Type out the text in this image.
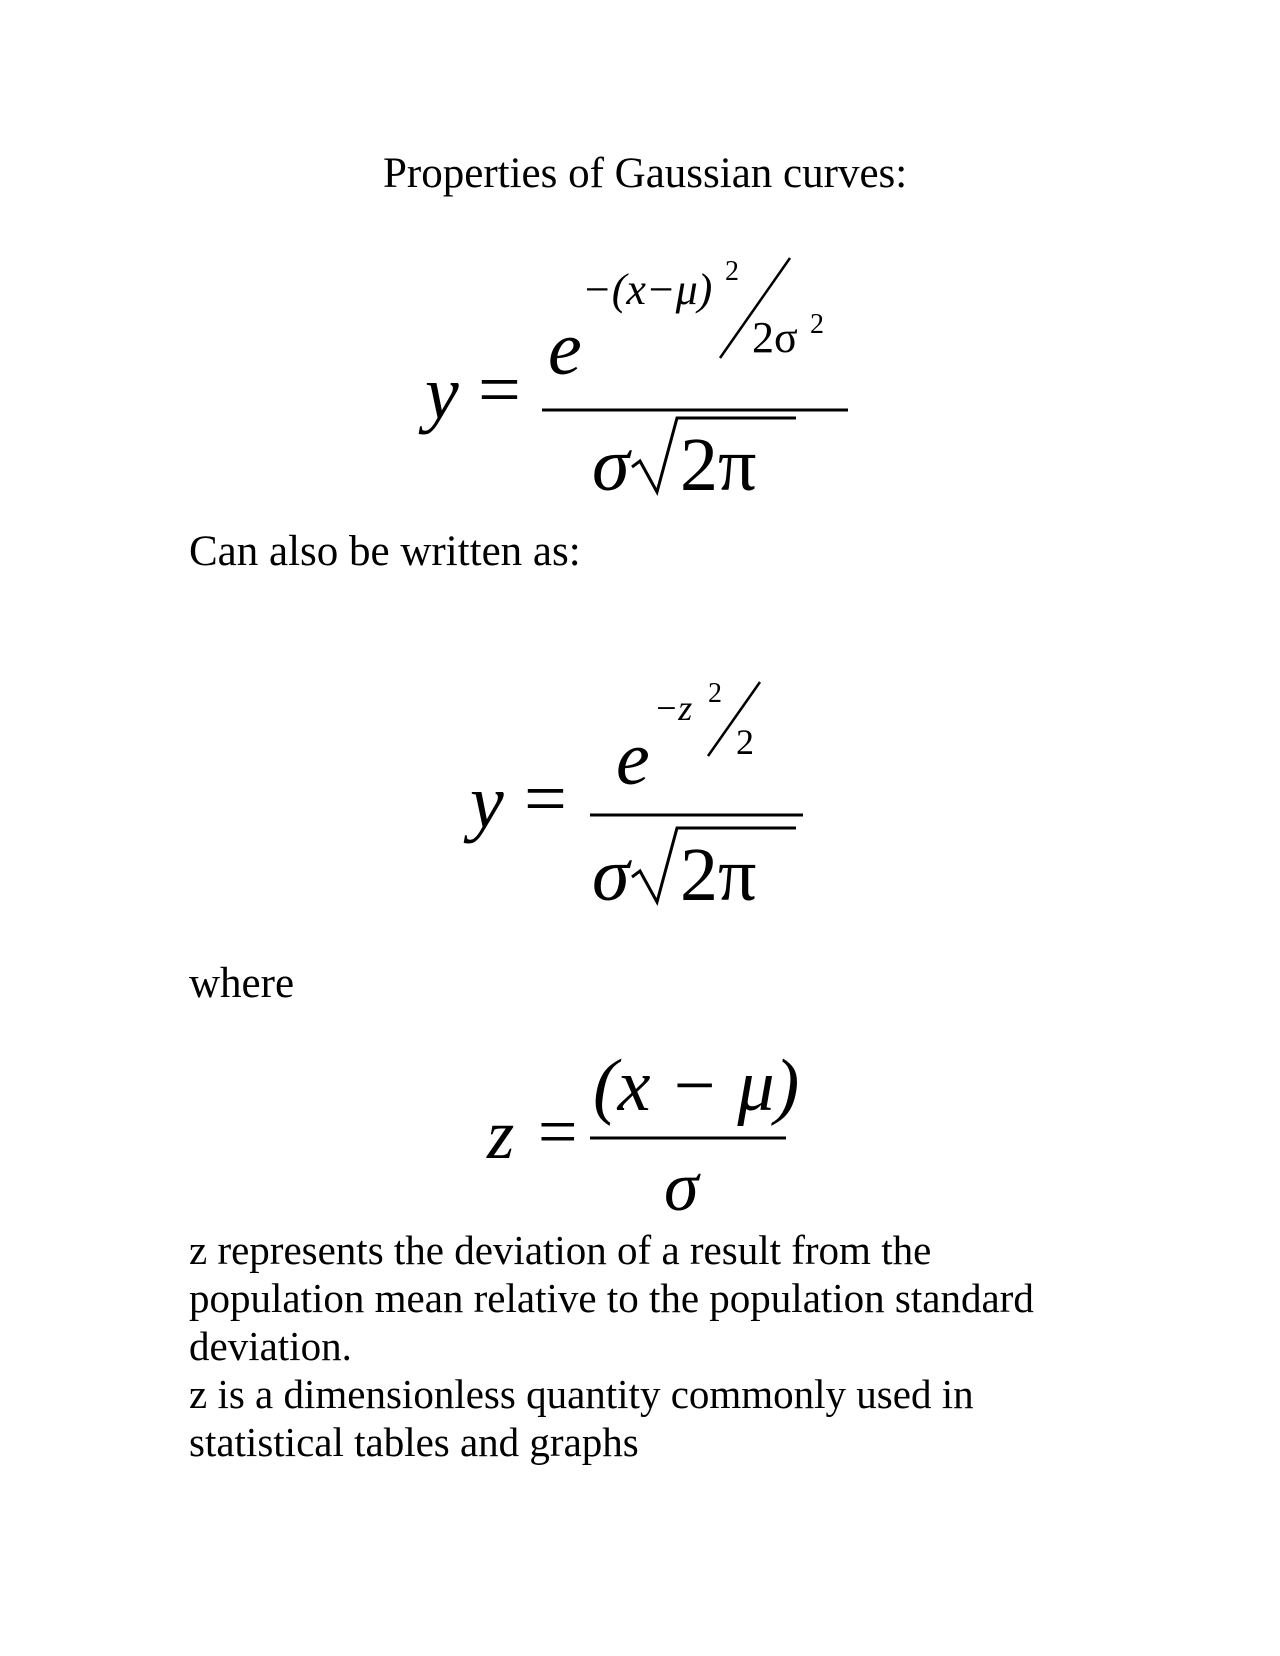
Properties of Gaussian curves:
y =
−(x−μ) 2
2σ 2
e
σ 2π

Can also be written as:

y =
−z 2
2
e
σ 2π

where

z =
(x − μ)
σ
z represents the deviation of a result from the
population mean relative to the population standard
deviation.
z is a dimensionless quantity commonly used in
statistical tables and graphs
